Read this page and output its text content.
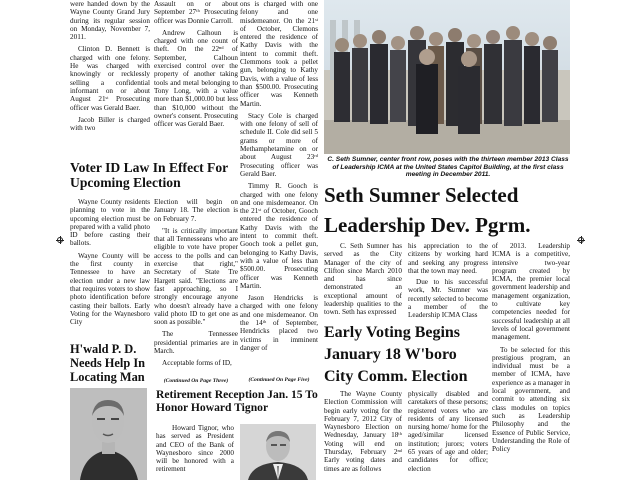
were handed down by the Wayne County Grand Jury during its regular session on Monday, November 7, 2011.

Clinton D. Bennett is charged with one felony. He was charged with knowingly or recklessly selling a confidential informant on or about August 21ˢᵗ Prosecuting officer was Gerald Baer.

Jacob Biller is charged with two

Assault on or about September 27ᵗʰ Prosecuting officer was Donnie Carroll.

Andrew Calhoun is charged with one count of theft. On the 22ⁿᵈ of September, Calhoun exercised control over the property of another taking tools and metal belonging to Tony Long, with a value more than $1,000.00 but less than $10,000 without the owner's consent. Prosecuting officer was Gerald Baer.

ons is charged with one felony and one misdemeanor. On the 21ˢᵗ of October, Clemons entered the residence of Kathy Davis with the intent to commit theft. Clemmons took a pellet gun, belonging to Kathy Davis, with a value of less than $500.00. Prosecuting officer was Kenneth Martin.

Stacy Cole is charged with one felony of sell of schedule II. Cole did sell 5 grams or more of Methamphetamine on or about August 23ʳᵈ Prosecuting officer was Gerald Baer.

Timmy R. Gooch is charged with one felony and one misdemeanor. On the 21ˢᵗ of October, Gooch entered the residence of Kathy Davis with the intent to commit theft. Gooch took a pellet gun, belonging to Kathy Davis, with a value of less than $500.00. Prosecuting officer was Kenneth Martin.

Jason Hendricks is charged with one felony and one misdemeanor. On the 14ᵗʰ of September, Hendricks placed two victims in imminent danger of

(Continued On Page Five)
Voter ID Law In Effect For Upcoming Election

Wayne County residents planning to vote in the upcoming election must be prepared with a valid photo ID before casting their ballots.

Wayne County will be the first county in Tennessee to have an election under a new law that requires voters to show photo identification before casting their ballots. Early Voting for the Waynesboro City

Election will begin on January 18. The election is on February 7.

"It is critically important that all Tennesseans who are eligible to vote have proper access to the polls and can exercise that right," Secretary of State Tre Hargett said. "Elections are fast approaching, so I strongly encourage anyone who doesn't already have a valid photo ID to get one as soon as possible."

The Tennessee presidential primaries are in March.

Acceptable forms of ID,

(Continued On Page Three)
H'wald P. D. Needs Help In Locating Man
Retirement Reception Jan. 15 To Honor Howard Tignor

Howard Tignor, who has served as President and CEO of the Bank of Waynesboro since 2000 will be honored with a retirement

C. Seth Sumner, center front row, poses with the thirteen member 2013 Class of Leadership ICMA at the United States Capitol Building, at the first class meeting in December 2011.
Seth Sumner Selected Leadership Dev. Pgrm.

C. Seth Sumner has served as the City Manager of the city of Clifton since March 2010 and has since demonstrated an exceptional amount of leadership qualities to the town. Seth has expressed

his appreciation to the citizens by working hard and seeking any progress that the town may need.

Due to his successful work, Mr. Sumner was recently selected to become a member of the Leadership ICMA Class

of 2013. Leadership ICMA is a competitive, intensive two-year program created by ICMA, the premier local government leadership and management organization, to cultivate key competencies needed for successful leadership at all levels of local government management.

To be selected for this prestigious program, an individual must be a member of ICMA, have experience as a manager in local government, and commit to attending six class modules on topics such as Leadership Philosophy and the Essence of Public Service, Understanding the Role of Policy

Early Voting Begins January 18 W'boro City Comm. Election

The Wayne County Election Commission will begin early voting for the February 7, 2012 City of Waynesboro Election on Wednesday, January 18ᵗʰ Voting will end on Thursday, February 2ⁿᵈ Early voting dates and times are as follows

physically disabled and caretakers of these persons; registered voters who are residents of any licensed nursing home/ home for the aged/similar licensed institution; jurors; voters 65 years of age and older; candidates for office; election
